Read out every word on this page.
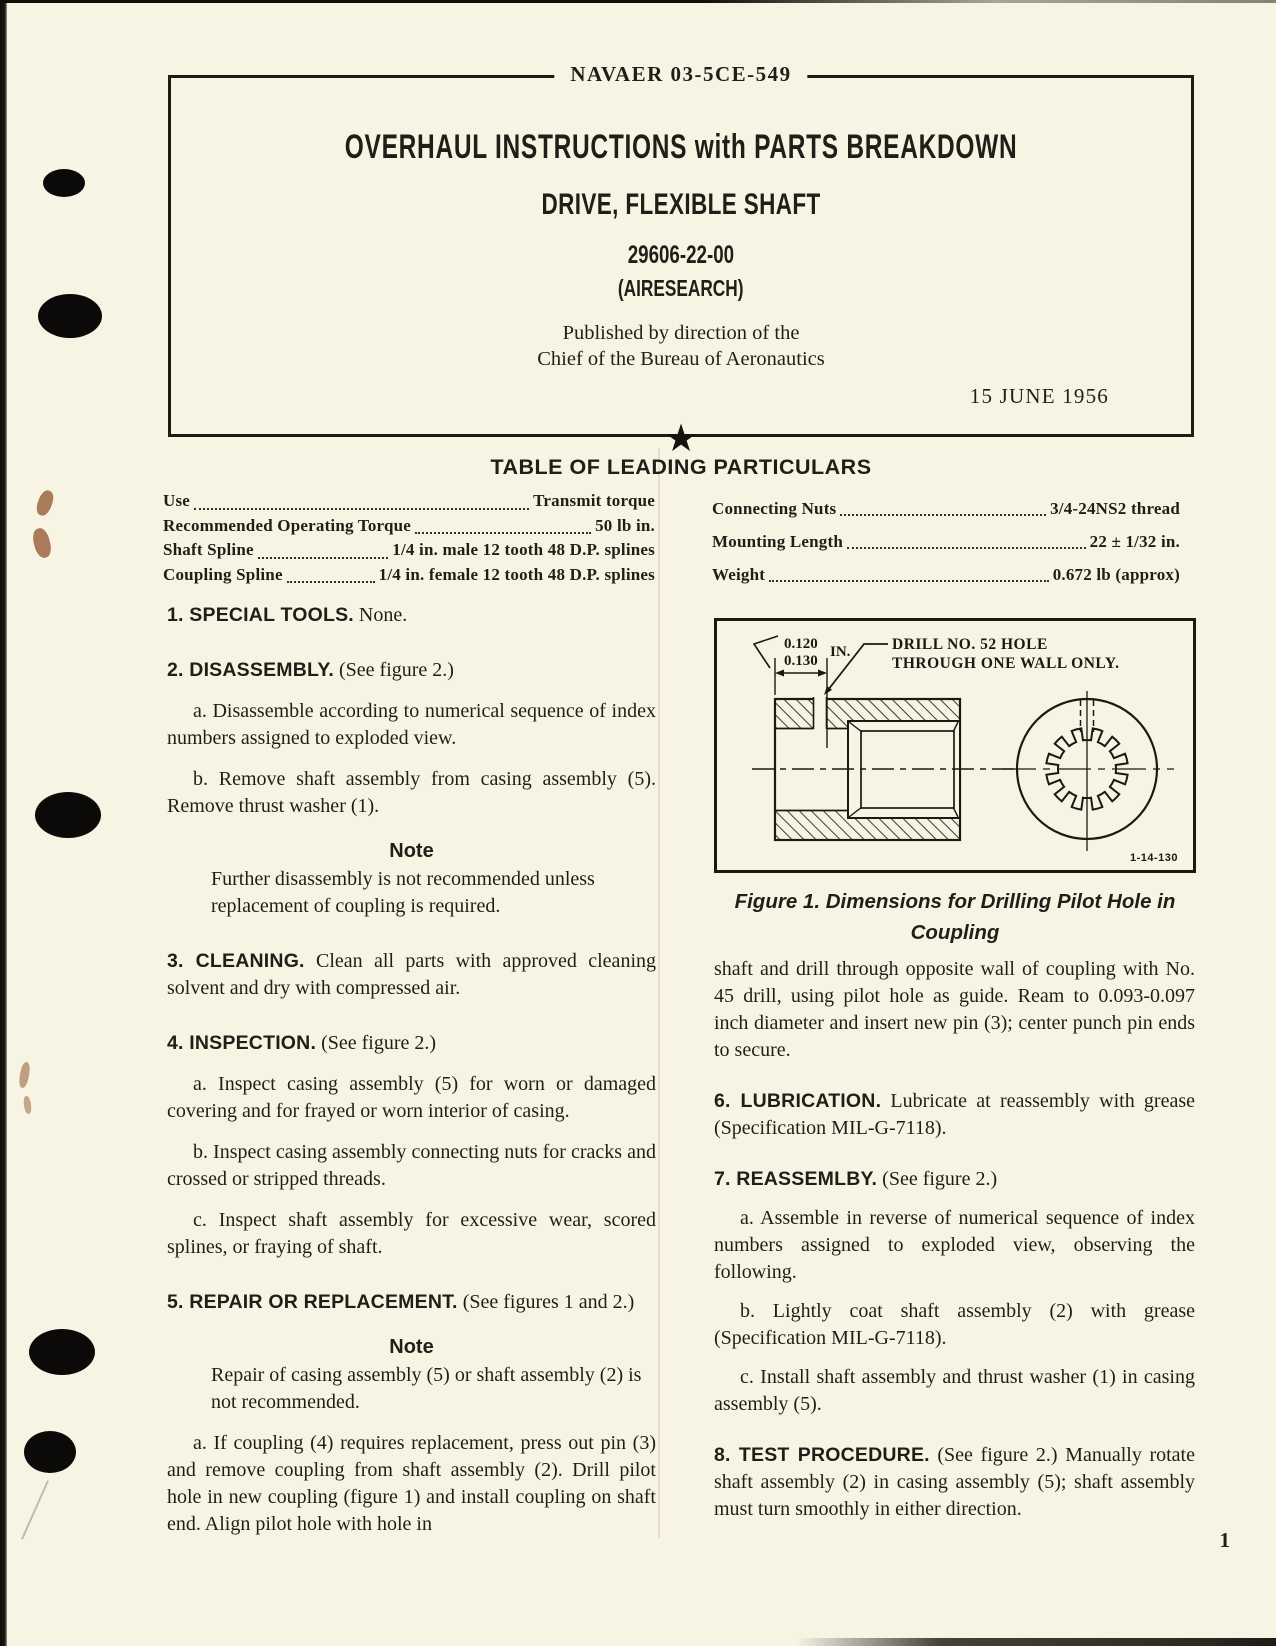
NAVAER 03-5CE-549
OVERHAUL INSTRUCTIONS with PARTS BREAKDOWN
DRIVE, FLEXIBLE SHAFT
29606-22-00
(AIRESEARCH)
Published by direction of the
Chief of the Bureau of Aeronautics
15 JUNE 1956
★
TABLE OF LEADING PARTICULARS
Use	Transmit torque
Recommended Operating Torque	50 lb in.
Shaft Spline	1/4 in. male 12 tooth 48 D.P. splines
Coupling Spline	1/4 in. female 12 tooth 48 D.P. splines
Connecting Nuts	3/4-24NS2 thread
Mounting Length	22 ± 1/32 in.
Weight	0.672 lb (approx)
1. SPECIAL TOOLS. None.
2. DISASSEMBLY. (See figure 2.)
a. Disassemble according to numerical sequence of index numbers assigned to exploded view.
b. Remove shaft assembly from casing assembly (5). Remove thrust washer (1).
Note
Further disassembly is not recommended unless replacement of coupling is required.
3. CLEANING. Clean all parts with approved cleaning solvent and dry with compressed air.
4. INSPECTION. (See figure 2.)
a. Inspect casing assembly (5) for worn or damaged covering and for frayed or worn interior of casing.
b. Inspect casing assembly connecting nuts for cracks and crossed or stripped threads.
c. Inspect shaft assembly for excessive wear, scored splines, or fraying of shaft.
5. REPAIR OR REPLACEMENT. (See figures 1 and 2.)
Note
Repair of casing assembly (5) or shaft assembly (2) is not recommended.
a. If coupling (4) requires replacement, press out pin (3) and remove coupling from shaft assembly (2). Drill pilot hole in new coupling (figure 1) and install coupling on shaft end. Align pilot hole with hole in
shaft and drill through opposite wall of coupling with No. 45 drill, using pilot hole as guide. Ream to 0.093-0.097 inch diameter and insert new pin (3); center punch pin ends to secure.
6. LUBRICATION. Lubricate at reassembly with grease (Specification MIL-G-7118).
7. REASSEMLBY. (See figure 2.)
a. Assemble in reverse of numerical sequence of index numbers assigned to exploded view, observing the following.
b. Lightly coat shaft assembly (2) with grease (Specification MIL-G-7118).
c. Install shaft assembly and thrust washer (1) in casing assembly (5).
8. TEST PROCEDURE. (See figure 2.) Manually rotate shaft assembly (2) in casing assembly (5); shaft assembly must turn smoothly in either direction.
0.120
0.130
IN.	DRILL NO. 52 HOLE
THROUGH ONE WALL ONLY.
1-14-130
Figure 1. Dimensions for Drilling Pilot Hole in
Coupling
1
